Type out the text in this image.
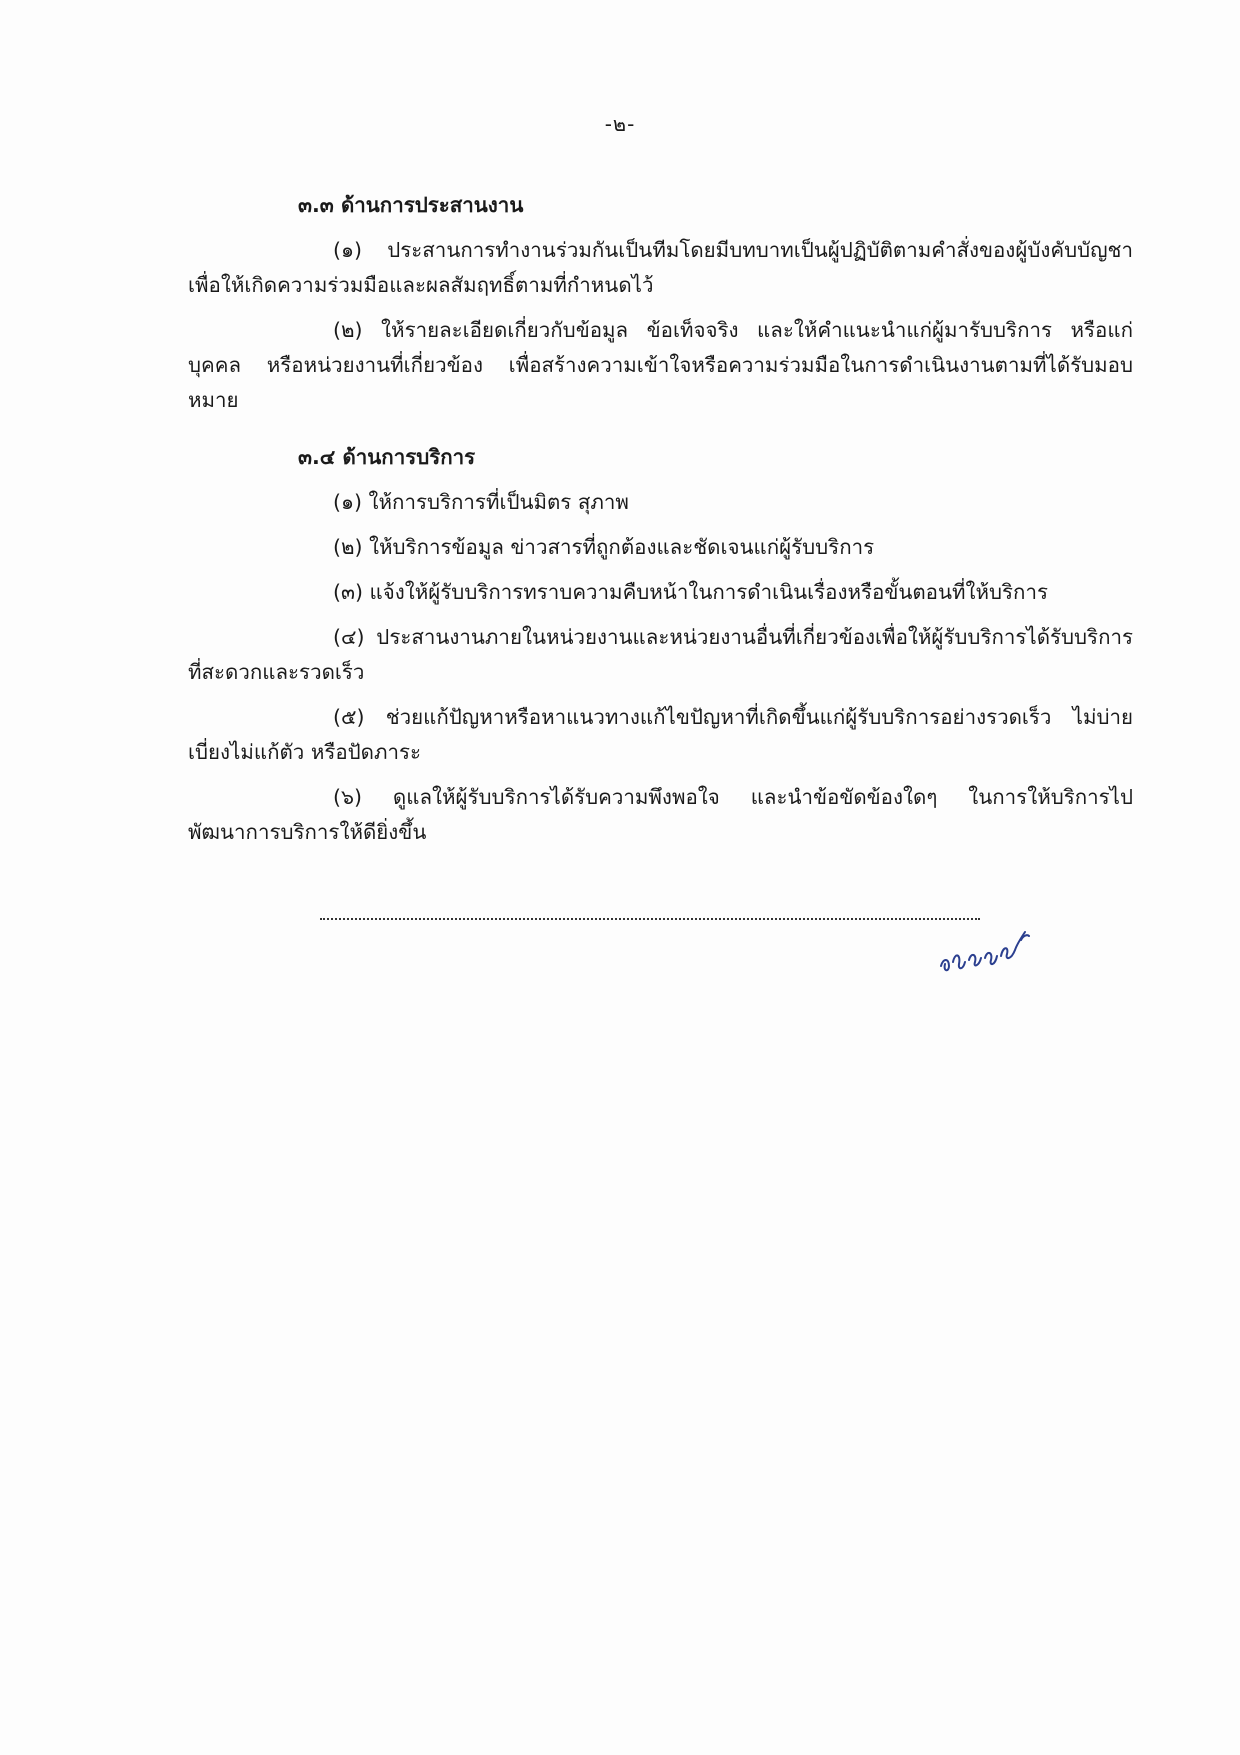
-๒-
๓.๓ ด้านการประสานงาน

(๑) ประสานการทำงานร่วมกันเป็นทีมโดยมีบทบาทเป็นผู้ปฏิบัติตามคำสั่งของผู้บังคับบัญชา เพื่อให้เกิดความร่วมมือและผลสัมฤทธิ์ตามที่กำหนดไว้

(๒) ให้รายละเอียดเกี่ยวกับข้อมูล ข้อเท็จจริง และให้คำแนะนำแก่ผู้มารับบริการ หรือแก่บุคคล หรือหน่วยงานที่เกี่ยวข้อง เพื่อสร้างความเข้าใจหรือความร่วมมือในการดำเนินงานตามที่ได้รับมอบหมาย

๓.๔ ด้านการบริการ

(๑) ให้การบริการที่เป็นมิตร สุภาพ

(๒) ให้บริการข้อมูล ข่าวสารที่ถูกต้องและชัดเจนแก่ผู้รับบริการ

(๓) แจ้งให้ผู้รับบริการทราบความคืบหน้าในการดำเนินเรื่องหรือขั้นตอนที่ให้บริการ

(๔) ประสานงานภายในหน่วยงานและหน่วยงานอื่นที่เกี่ยวข้องเพื่อให้ผู้รับบริการได้รับบริการที่สะดวกและรวดเร็ว

(๕) ช่วยแก้ปัญหาหรือหาแนวทางแก้ไขปัญหาที่เกิดขึ้นแก่ผู้รับบริการอย่างรวดเร็ว ไม่บ่ายเบี่ยงไม่แก้ตัว หรือปัดภาระ

(๖) ดูแลให้ผู้รับบริการได้รับความพึงพอใจ และนำข้อขัดข้องใดๆ ในการให้บริการไปพัฒนาการบริการให้ดียิ่งขึ้น
